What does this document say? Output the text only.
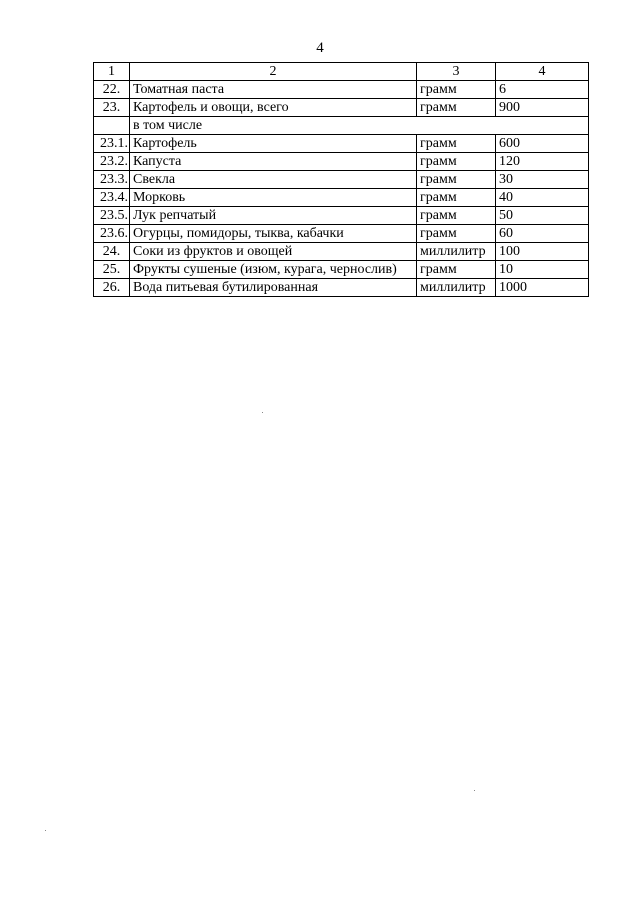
4
1	2	3	4
22.	Томатная паста	грамм	6
23.	Картофель и овощи, всего	грамм	900
	в том числе		
23.1.	Картофель	грамм	600
23.2.	Капуста	грамм	120
23.3.	Свекла	грамм	30
23.4.	Морковь	грамм	40
23.5.	Лук репчатый	грамм	50
23.6.	Огурцы, помидоры, тыква, кабачки	грамм	60
24.	Соки из фруктов и овощей	миллилитр	100
25.	Фрукты сушеные (изюм, курага, чернослив)	грамм	10
26.	Вода питьевая бутилированная	миллилитр	1000
